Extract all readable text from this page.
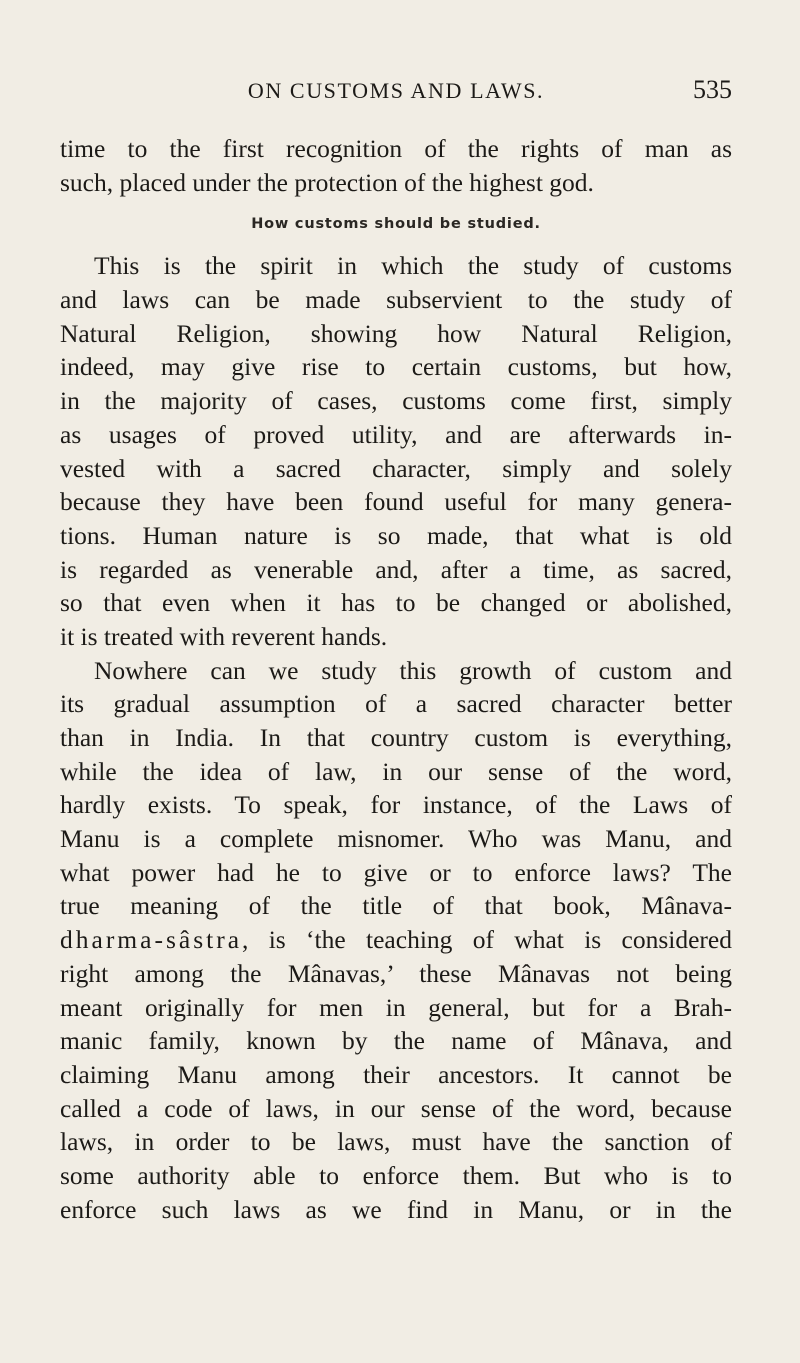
ON CUSTOMS AND LAWS.	535
time to the first recognition of the rights of man as
such, placed under the protection of the highest god.
How customs should be studied.
This is the spirit in which the study of customs
and laws can be made subservient to the study of
Natural Religion, showing how Natural Religion,
indeed, may give rise to certain customs, but how,
in the majority of cases, customs come first, simply
as usages of proved utility, and are afterwards in-
vested with a sacred character, simply and solely
because they have been found useful for many genera-
tions. Human nature is so made, that what is old
is regarded as venerable and, after a time, as sacred,
so that even when it has to be changed or abolished,
it is treated with reverent hands.
Nowhere can we study this growth of custom and
its gradual assumption of a sacred character better
than in India. In that country custom is everything,
while the idea of law, in our sense of the word,
hardly exists. To speak, for instance, of the Laws of
Manu is a complete misnomer. Who was Manu, and
what power had he to give or to enforce laws? The
true meaning of the title of that book, Mânava-
dharma-sâstra, is ‘the teaching of what is considered
right among the Mânavas,’ these Mânavas not being
meant originally for men in general, but for a Brah-
manic family, known by the name of Mânava, and
claiming Manu among their ancestors. It cannot be
called a code of laws, in our sense of the word, because
laws, in order to be laws, must have the sanction of
some authority able to enforce them. But who is to
enforce such laws as we find in Manu, or in the
